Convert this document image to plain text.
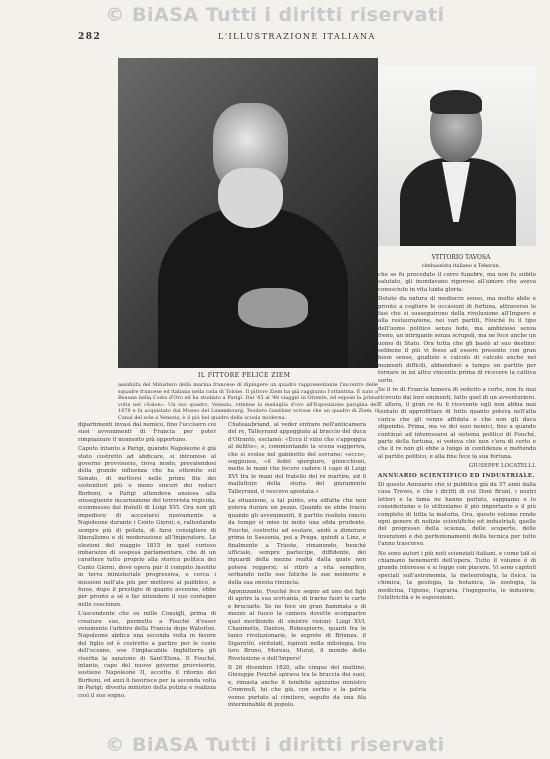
© BiASA Tutti i diritti riservati
282	L'ILLUSTRAZIONE ITALIANA
IL PITTORE FELICE ZIEM
VITTORIO TAVOSA
cimbassista italiano a Teheran.

assiduità del Ministero della marina francese di dipingere un quadro rappresentante l'incontro delle squadre francese ed italiana nella rada di Tolone. Il pittore Ziem ha già raggiunto l'ottantina. È nato a Beaune nella Costa d'Oro ed ha studiato a Parigi. Dal '45 al '48 viaggiò in Oriente, ed espose la prima volta nel «Salon». Un suo quadro, Venezia, ottenne la medaglia d'oro all'Esposizione parigina del 1878 e fu acquistato dal Museo del Luxembourg. Teodoro Gauthier scrisse che un quadro di Ziem, il Canal del sole a Venezia, è il più bel quadro della scuola moderna.

dipartimenti invasi dal nemico, fino l'uccisero coi suoi avvenimenti di Francia per poter rimpiazzare il momento più opportuno.

Caputo intanto a Parigi, quando Napoleone è già stato costretto ad abdicare, si intromise al governo provvisorio, trova modo, prevalendosi della grande influenza che ha ottenuto sul Senato, di mettersi nelle prime file dei sostenitori più o meno sinceri dei reduci Borboni, e Parigi attendeva ansiosa alla susseguente incarnazione del terrorista regicida, scommesso dai fratelli di Luigi XVI. Ora non gli impedisce di accostarsi nuovamente a Napoleone durante i Cento Giorni, e, rallentando sempre più di polizia, di farsi consigliere di liberalismo e di moderazione all'Imperatore. Le elezioni del maggio 1815 in quel curioso imbarazzo di sospesa parlamentare, che di un carattere tutto proprio alla storica politica dei Cento Giorni, dove opera pur il compito insolito in terra ministeriale progressiva, e cerca i missioni nell'ala più per mettersi al pubblico, e forse, dopo il prestigio di quanto avvenne, ebbe per pronto a sé e far intendere il suo contegno nelle coscienze.

L'ascendente che su mille Consigli, prima di creature sue, permette a Fouché d'esser veramente l'arbitro della Francia dopo Waterloo. Napoleone abdica una seconda volta in favore del figlio ed è costretto a partire per le coste dell'oceano, ove l'implacabile Inghilterra gli riserba la sanzione di Sant'Elena. Il Fouché, intanto, capo del nuovo governo provvisorio, sostiene Napoleone II, accetta il ritorno dei Borboni, ed anzi li favorisce per la seconda volta in Parigi; diventa ministro della polizia e realizza così il suo sogno.

Chateaubriand, al veder entrare nell'anticamera del re, Talleyrand appoggiato al braccio del duca d'Otranto, esclamò: «Ecco il vizio che s'appoggia al delitto», e, commentando la scena suggeriva, che si svolse nel gabinetto del sovrano: «ecco», soggiunse, «il fedel spergiuro, ginocchioni, mette le mani che fecero cadere il capo di Luigi XVI tra le mani del fratello del re martire, ed il malfattore della storia del giuramento Talleyrand, il vescovo apostata.»

La situazione, a tal punto, era siffatta che non poteva durare un pezzo. Quando ne ebbe tracio quando gli avvenimenti, il partito realista rancio da tempo si mise in moto una sfida prudente. Fouché, costretto ad esulare, andò a dimorare prima in Sassonia, poi a Praga, quindi a Linz, e finalmente a Trieste, rimanendo, benché ufficiale, sempre partecipe, diffidente, dei riguardi della mezza realtà dalla quale non poteva reggersi; si ritirò a vita semplice, serbando nelle sue fatiche le sue memorie e della sua onesta rinuncia.

Agonizzante, Fouché fece segno ad uno dei figli di aprire la sua scrivania, di trarne fuori le carte e bruciarle. Se ne fece un gran fiammata e di mezzo al fuoco la camera dovette scomparire quel moribondo di sinistre visioni: Luigi XVI, Chaumette, Danton, Robespierre, quanti fra le tanto rivoluzionarie, le segrete di Brienza, il Sigaretto, stritolati, ispirati nella mitologia, tra loro Bruno, Moreau, Murat, il mondo dello Rivoluzione e dell'Impero!

Il 26 dicembre 1820, alle cinque del mattino, Giuseppe Fouché spirava tra le braccia dei suoi, e, rimasta anche il temibile aguzzino ministro Cromwell, lui che già, con serbio e la patria venne portato al cimitero, seguito da una fila interminabile di popolo.

che se fu preceduto il carro funebre, ma non fu subito salutato, gli inondavano rigoroso all'amore che aveva conosciuto in vita tanta gloria.

Dotato da natura di mediocre senso, ma molto abile e pronto a cogliere le occasioni di fortuna, attraverso le fasi che si susseguirono della rivoluzione all'Impero e alla restaurazione, nei vari partiti, Fouché fu il tipo dell'uomo politico senza fede, ma ambizioso senza freno, un intrigante senza scrupoli, ma ne fece anche un uomo di Stato. Ora tutta che gli bastò al suo destino: sebbene il più vi fosse ad essere presente con gran buon senso, giudizio e calcolo di calcolo anche nei momenti difficili, abbandonò a tempo un partito per tornare in un altro vincente prima di ricevere la cattiva sorte.

Se il re di Francia temeva di vederlo a corte, non fu mai ricevuto dai loro eminenti, fatto quel di un avventuriero. E allora, il gran re fu il ricevente egli non abbia mai tentato di approfittare di tutto quanto poteva nell'alta carica che gli venne affidata e che non gli dava stipendio. Prima, ma ve dei suoi nemici, fino a quando continuò ad interessarsi al sistema politico di Fouché, parte della fortuna, si vedeva che non c'era di certo e che il re non gli ebbe a lungo in confidenza e mettendo al partito politico, e alla fine fece la sua fortuna.

GIUSEPPE LOCATELLI.

ANNUARIO SCIENTIFICO ED INDUSTRIALE.

Di questo Annuario che si pubblica già da 57 anni dalla casa Treves, e che i diritti di cui Doni Bruni, i nostri lettori e la fama ne hanno parlato, sappiamo e lo consideriamo e lo utilizziamo il più importante e il più completo di tutta la materia. Ora, questo volume rende ogni genere di notizie scientifiche ed industriali, quelle del progresso della scienza, delle scoperte, delle invenzioni e dei perfezionamenti della tecnica per tutto l'anno trascorso.

Ne sono autori i più noti scienziati italiani, e come tali si chiamano benemeriti dell'opera. Tutto il volume è di grande interesse e si legge con piacere. Vi sono capitoli speciali sull'astronomia, la meteorologia, la fisica, la chimica, la geologia, la botanica, la zoologia, la medicina, l'igiene, l'agraria, l'ingegneria, le industrie, l'elettricità e le esposizioni.

© BiASA Tutti i diritti riservati
